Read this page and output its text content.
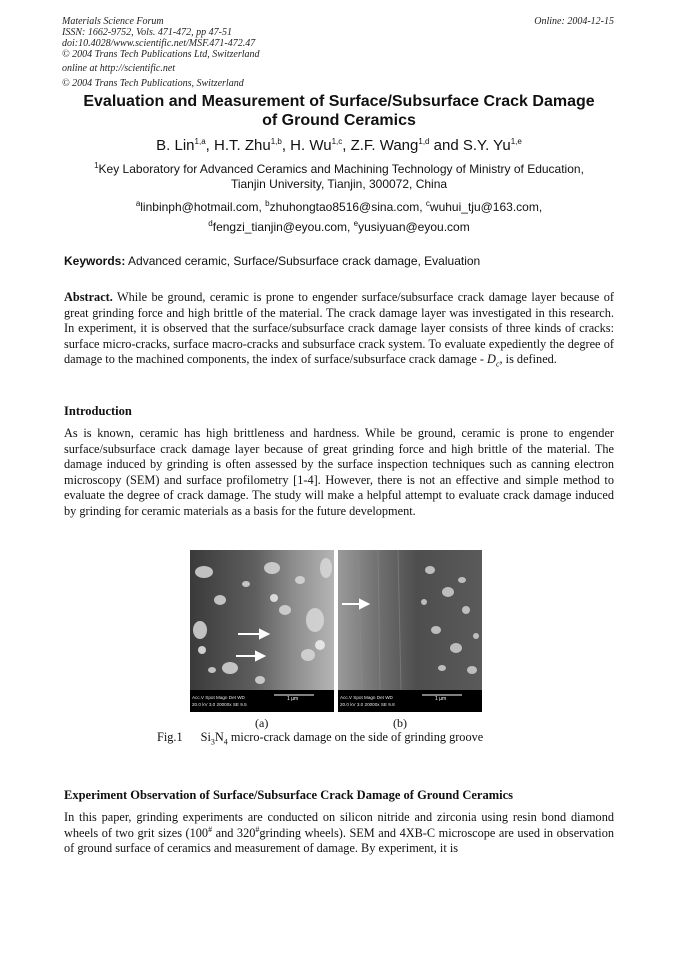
Materials Science Forum
ISSN: 1662-9752, Vols. 471-472, pp 47-51
doi:10.4028/www.scientific.net/MSF.471-472.47
© 2004 Trans Tech Publications Ltd, Switzerland
online at http://scientific.net
© 2004 Trans Tech Publications, Switzerland
Online: 2004-12-15
Evaluation and Measurement of Surface/Subsurface Crack Damage
of Ground Ceramics
B. Lin$^{1,a}$, H.T. Zhu$^{1,b}$, H. Wu$^{1,c}$, Z.F. Wang$^{1,d}$ and S.Y. Yu$^{1,e}$
$^1$Key Laboratory for Advanced Ceramics and Machining Technology of Ministry of Education,
Tianjin University, Tianjin, 300072, China
$^a$linbinph@hotmail.com, $^b$zhuhongtao8516@sina.com, $^c$wuhui_tju@163.com,
$^d$fengzi_tianjin@eyou.com, $^e$yusiyuan@eyou.com
Keywords: Advanced ceramic, Surface/Subsurface crack damage, Evaluation
Abstract. While be ground, ceramic is prone to engender surface/subsurface crack damage layer because of great grinding force and high brittle of the material. The crack damage layer was investigated in this research. In experiment, it is observed that the surface/subsurface crack damage layer consists of three kinds of cracks: surface micro-cracks, surface macro-cracks and subsurface crack system. To evaluate expediently the degree of damage to the machined components, the index of surface/subsurface crack damage - $D_c$, is defined.
Introduction
As is known, ceramic has high brittleness and hardness. While be ground, ceramic is prone to engender surface/subsurface crack damage layer because of great grinding force and high brittle of the material. The damage induced by grinding is often assessed by the surface inspection techniques such as canning electron microscopy (SEM) and surface profilometry [1-4]. However, there is not an effective and simple method to evaluate the degree of crack damage. The study will make a helpful attempt to evaluate crack damage induced by grinding for ceramic materials as a basis for the future development.
Acc.V Spot Magn Det WD
20.0 kV 3.0 20000x SE 9.5
1 µm	Acc.V Spot Magn Det WD
20.0 kV 3.0 20000x SE 9.8
1 µm
(a)	(b)
Fig.1 $Si_3N_4$ micro-crack damage on the side of grinding groove
Experiment Observation of Surface/Subsurface Crack Damage of Ground Ceramics
In this paper, grinding experiments are conducted on silicon nitride and zirconia using resin bond diamond wheels of two grit sizes (100# and 320#grinding wheels). SEM and 4XB-C microscope are used in observation of ground surface of ceramics and measurement of damage. By experiment, it is
